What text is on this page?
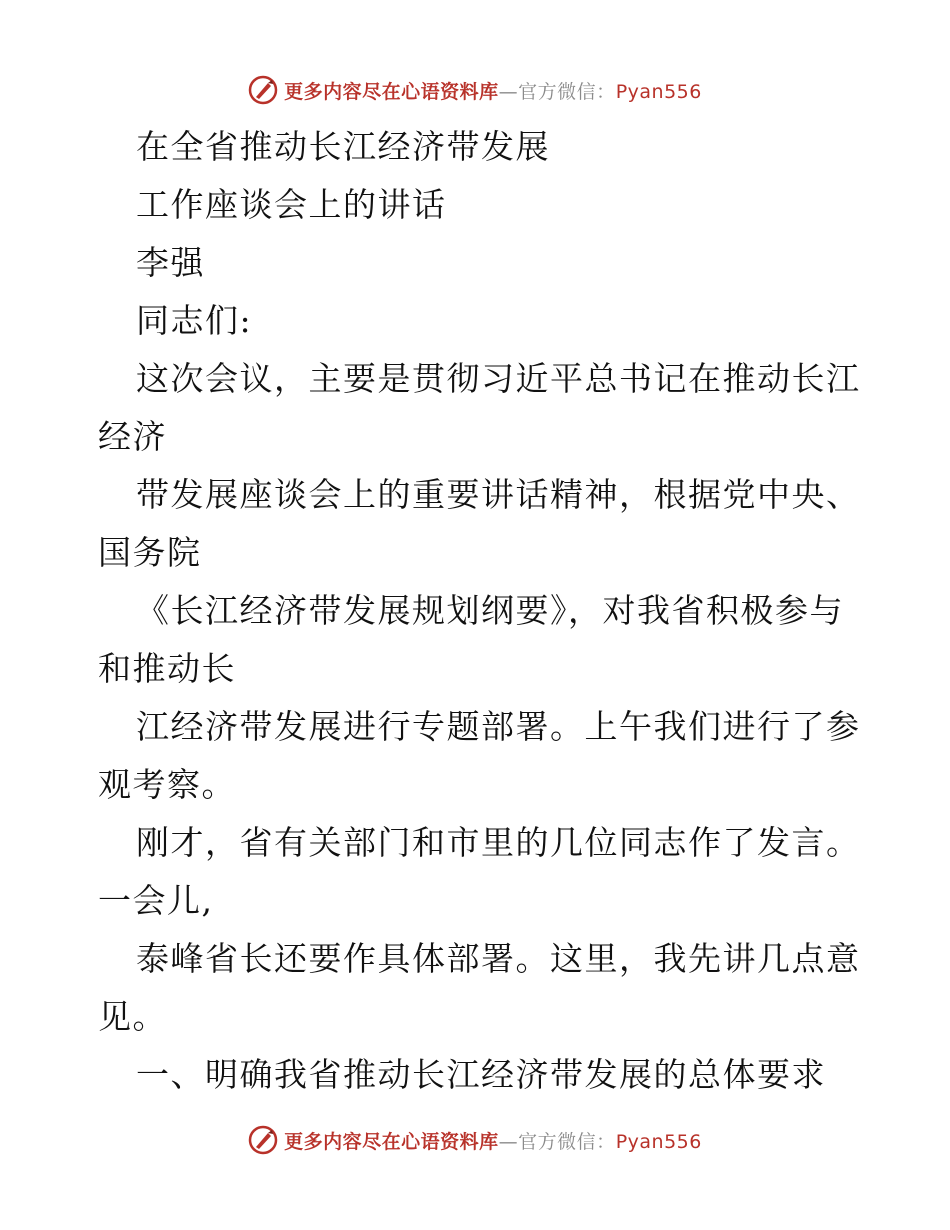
更多内容尽在心语资料库—官方微信：Pyan556
在全省推动长江经济带发展
工作座谈会上的讲话
李强
同志们:
这次会议，主要是贯彻习近平总书记在推动长江
经济
带发展座谈会上的重要讲话精神，根据党中央、
国务院
《长江经济带发展规划纲要》，对我省积极参与
和推动长
江经济带发展进行专题部署。上午我们进行了参
观考察。
刚才，省有关部门和市里的几位同志作了发言。
一会儿,
泰峰省长还要作具体部署。这里，我先讲几点意
见。
一、明确我省推动长江经济带发展的总体要求
更多内容尽在心语资料库—官方微信：Pyan556
